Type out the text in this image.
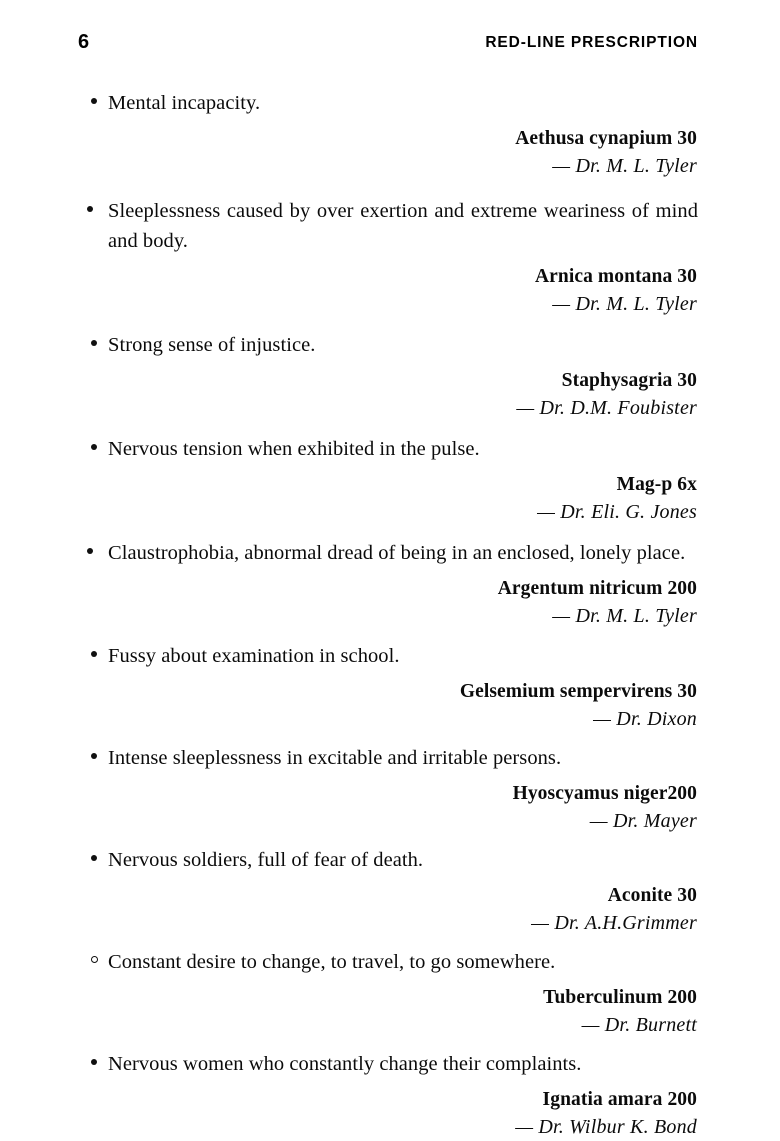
6	RED-LINE PRESCRIPTION
Mental incapacity.
Aethusa cynapium 30
— Dr. M. L. Tyler
Sleeplessness caused by over exertion and extreme weariness of mind and body.
Arnica montana 30
— Dr. M. L. Tyler
Strong sense of injustice.
Staphysagria 30
— Dr. D.M. Foubister
Nervous tension when exhibited in the pulse.
Mag-p 6x
— Dr. Eli. G. Jones
Claustrophobia, abnormal dread of being in an enclosed, lonely place.
Argentum nitricum 200
— Dr. M. L. Tyler
Fussy about examination in school.
Gelsemium sempervirens 30
— Dr. Dixon
Intense sleeplessness in excitable and irritable persons.
Hyoscyamus niger200
— Dr. Mayer
Nervous soldiers, full of fear of death.
Aconite 30
— Dr. A.H.Grimmer
Constant desire to change, to travel, to go somewhere.
Tuberculinum 200
— Dr. Burnett
Nervous women who constantly change their complaints.
Ignatia amara 200
— Dr. Wilbur K. Bond
